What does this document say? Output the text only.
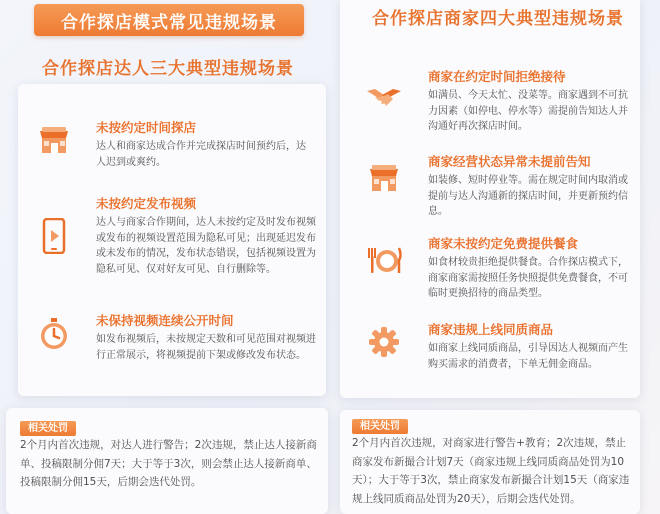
合作探店模式常见违规场景
合作探店达人三大典型违规场景
未按约定时间探店
达人和商家达成合作并完成探店时间预约后，达人迟到或爽约。
未按约定发布视频
达人与商家合作期间，达人未按约定及时发布视频或发布的视频设置范围为隐私可见；出现延迟发布或未发布的情况，发布状态错误，包括视频设置为隐私可见、仅对好友可见、自行删除等。
未保持视频连续公开时间
如发布视频后，未按规定天数和可见范围对视频进行正常展示，将视频提前下架或修改发布状态。
相关处罚
2个月内首次违规，对达人进行警告；2次违规，禁止达人接新商单、投稿限制分佣7天；大于等于3次，则会禁止达人接新商单、投稿限制分佣15天，后期会迭代处罚。
合作探店商家四大典型违规场景
商家在约定时间拒绝接待
如满员、今天太忙、没菜等。商家遇到不可抗力因素（如停电、停水等）需提前告知达人并沟通好再次探店时间。
商家经营状态异常未提前告知
如装修、短时停业等。需在规定时间内取消或提前与达人沟通新的探店时间，并更新预约信息。
商家未按约定免费提供餐食
如食材较贵拒绝提供餐食。合作探店模式下，商家商家需按照任务快照提供免费餐食，不可临时更换招待的商品类型。
商家违规上线同质商品
如商家上线同质商品，引导因达人视频而产生购买需求的消费者，下单无佣金商品。
相关处罚
2个月内首次违规，对商家进行警告+教育；2次违规，禁止商家发布新撮合计划7天（商家违规上线同质商品处罚为10天）；大于等于3次，禁止商家发布新撮合计划15天（商家违规上线同质商品处罚为20天），后期会迭代处罚。
